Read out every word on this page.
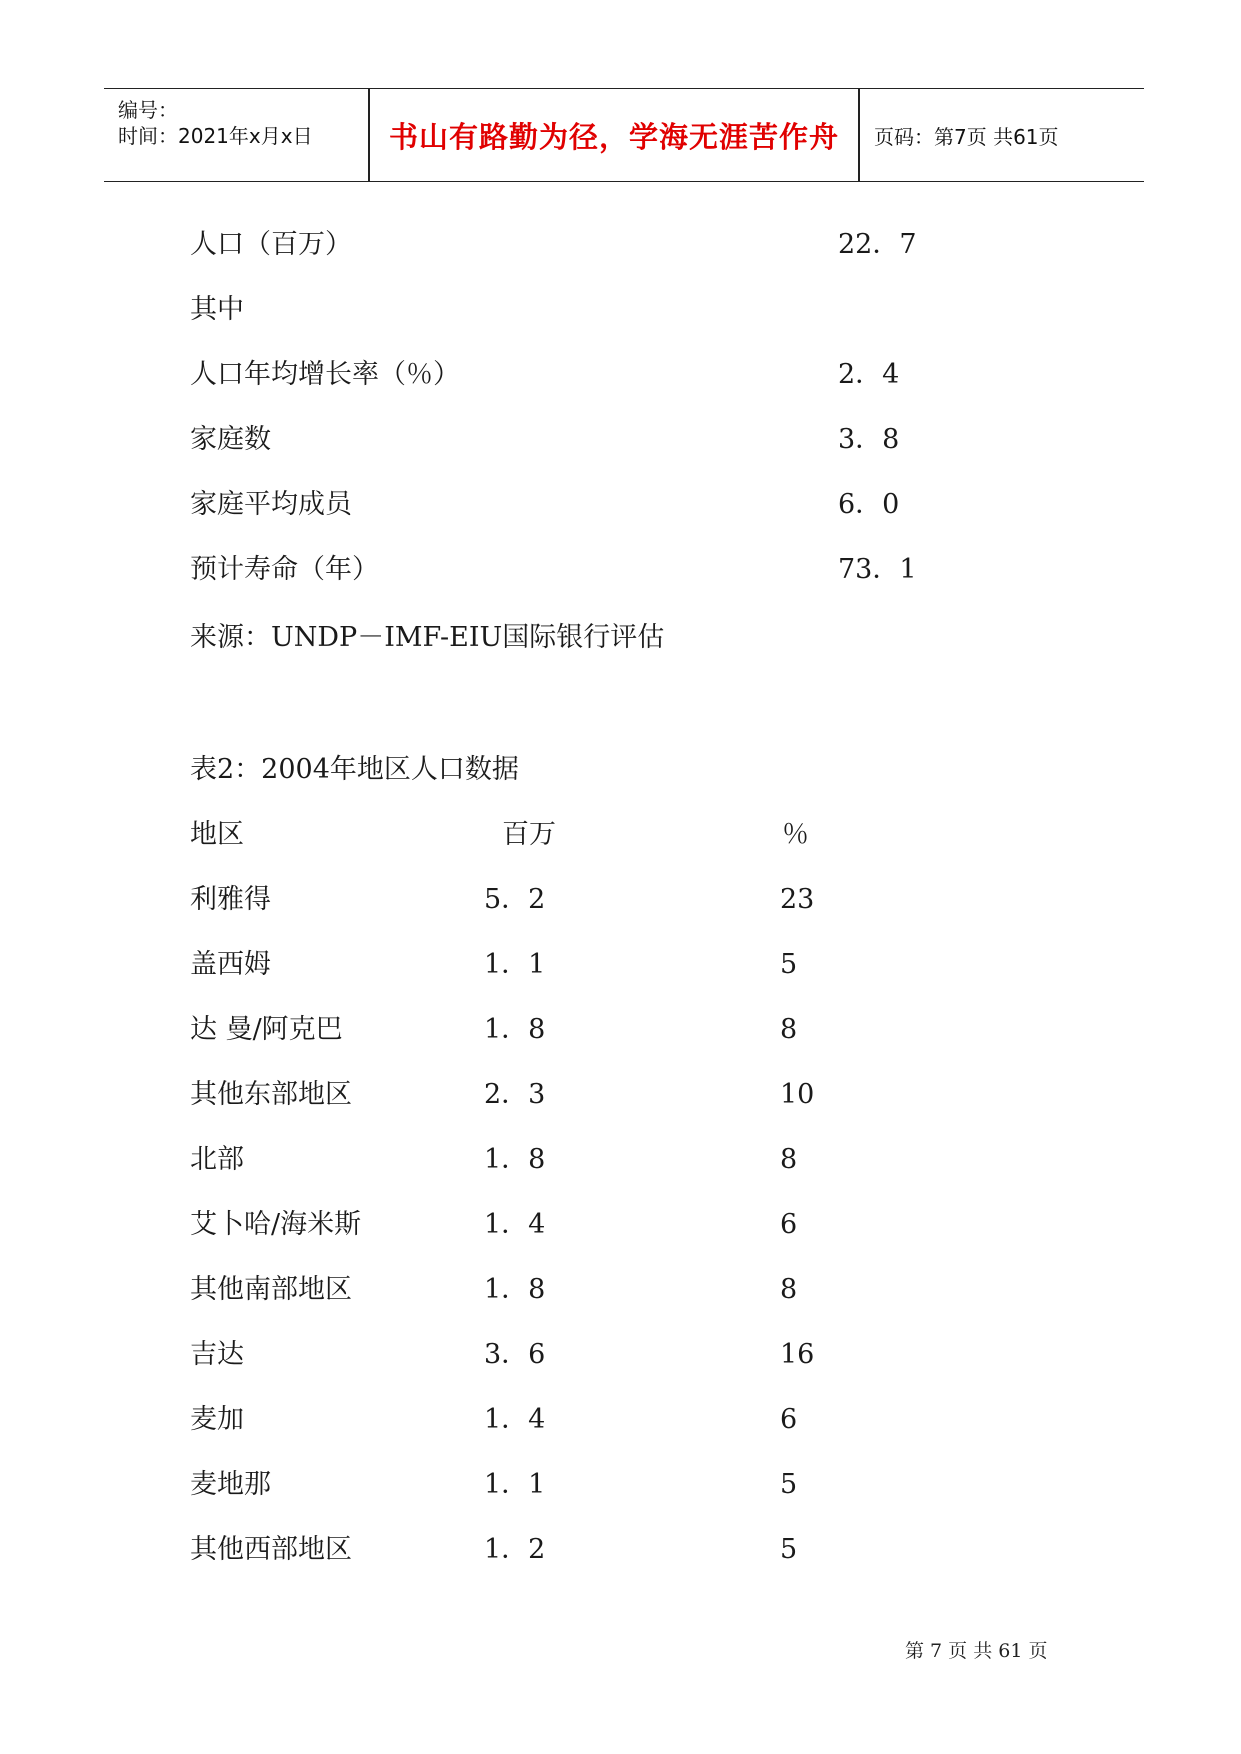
编号：
时间：2021年x月x日	书山有路勤为径，学海无涯苦作舟	页码：第7页 共61页
人口（百万）	22．7
其中
人口年均增长率（％）	2．4
家庭数	3．8
家庭平均成员	6．0
预计寿命（年）	73．1
来源：UNDP－IMF-EIU国际银行评估
表2：2004年地区人口数据
地区	百万	％
利雅得	5．2	23
盖西姆	1．1	5
达 曼/阿克巴	1．8	8
其他东部地区	2．3	10
北部	1．8	8
艾卜哈/海米斯	1．4	6
其他南部地区	1．8	8
吉达	3．6	16
麦加	1．4	6
麦地那	1．1	5
其他西部地区	1．2	5
第 7 页 共 61 页
